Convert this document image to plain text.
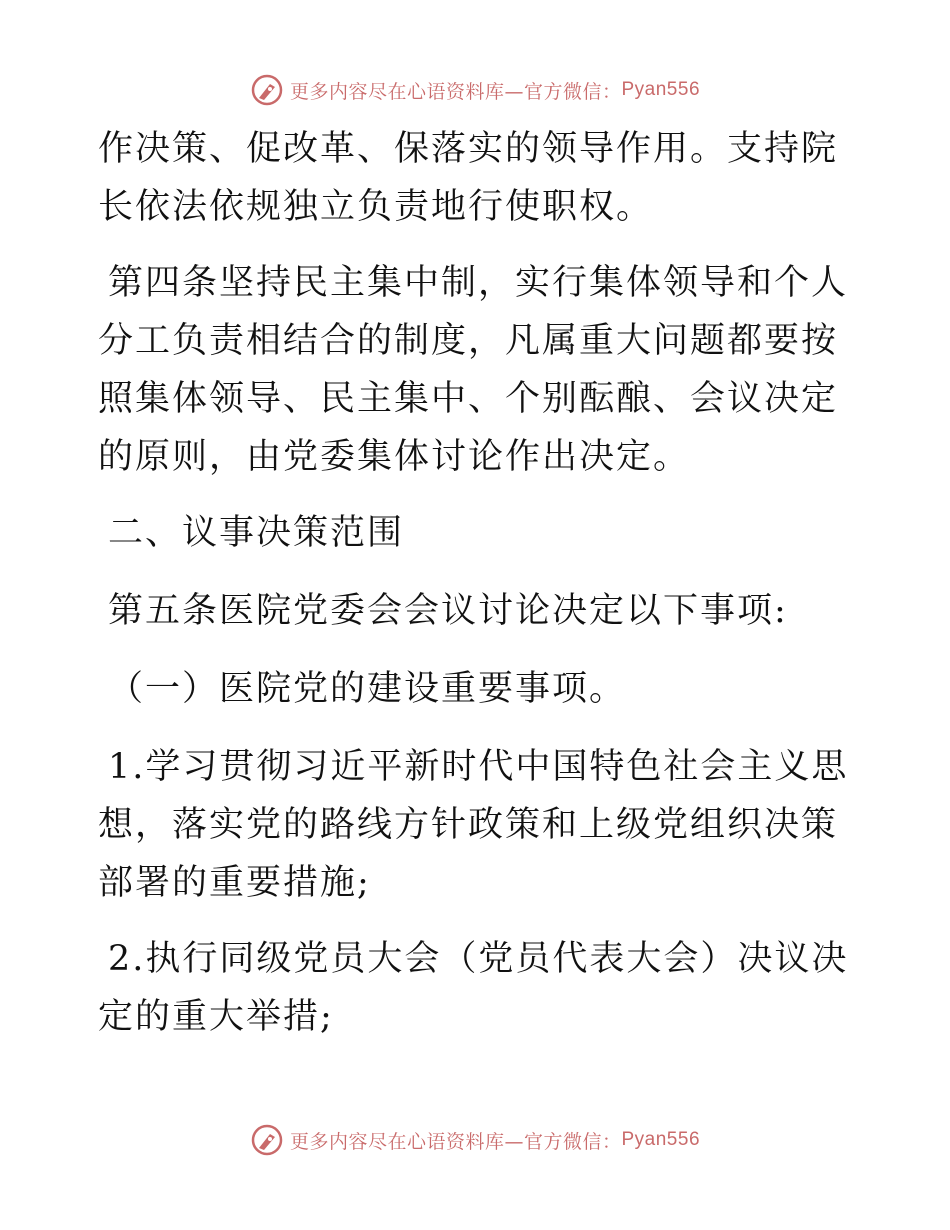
更多内容尽在心语资料库—官方微信： Pyan556

作决策、促改革、保落实的领导作用。支持院长依法依规独立负责地行使职权。

第四条坚持民主集中制，实行集体领导和个人分工负责相结合的制度，凡属重大问题都要按照集体领导、民主集中、个别酝酿、会议决定的原则，由党委集体讨论作出决定。

二、议事决策范围

第五条医院党委会会议讨论决定以下事项:

（一）医院党的建设重要事项。

1.学习贯彻习近平新时代中国特色社会主义思想，落实党的路线方针政策和上级党组织决策部署的重要措施;

2.执行同级党员大会（党员代表大会）决议决定的重大举措;

更多内容尽在心语资料库—官方微信： Pyan556
